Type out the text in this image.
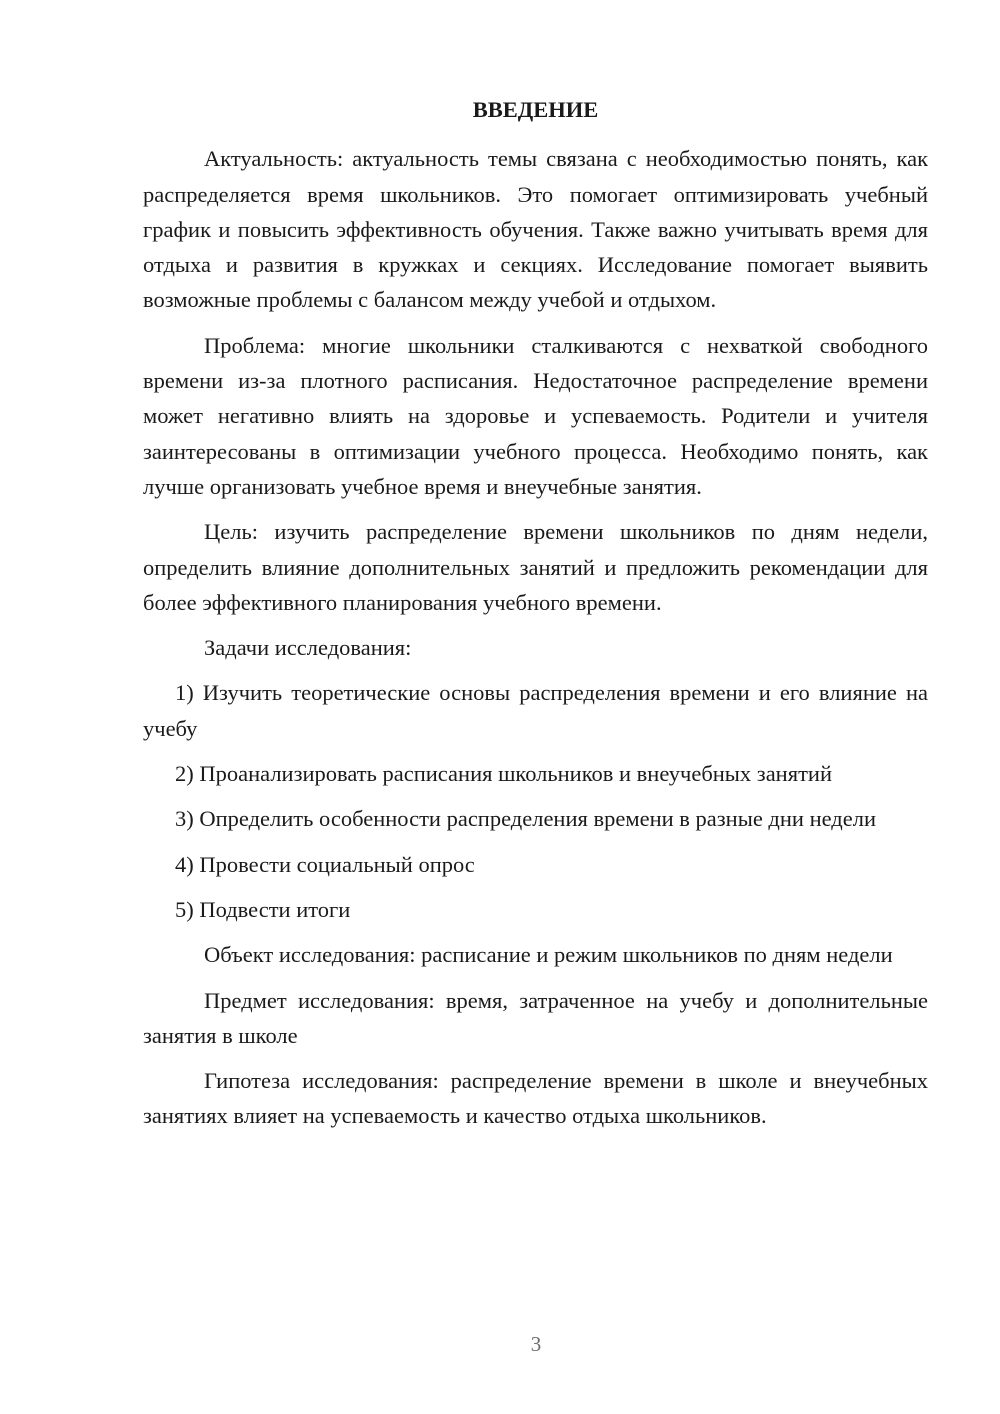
ВВЕДЕНИЕ

Актуальность: актуальность темы связана с необходимостью понять, как распределяется время школьников. Это помогает оптимизировать учебный график и повысить эффективность обучения. Также важно учитывать время для отдыха и развития в кружках и секциях. Исследование помогает выявить возможные проблемы с балансом между учебой и отдыхом.

Проблема: многие школьники сталкиваются с нехваткой свободного времени из-за плотного расписания. Недостаточное распределение времени может негативно влиять на здоровье и успеваемость. Родители и учителя заинтересованы в оптимизации учебного процесса. Необходимо понять, как лучше организовать учебное время и внеучебные занятия.

Цель: изучить распределение времени школьников по дням недели, определить влияние дополнительных занятий и предложить рекомендации для более эффективного планирования учебного времени.

Задачи исследования:

1) Изучить теоретические основы распределения времени и его влияние на учебу

2) Проанализировать расписания школьников и внеучебных занятий

3) Определить особенности распределения времени в разные дни недели

4) Провести социальный опрос

5) Подвести итоги

Объект исследования: расписание и режим школьников по дням недели

Предмет исследования: время, затраченное на учебу и дополнительные занятия в школе

Гипотеза исследования: распределение времени в школе и внеучебных занятиях влияет на успеваемость и качество отдыха школьников.

3
